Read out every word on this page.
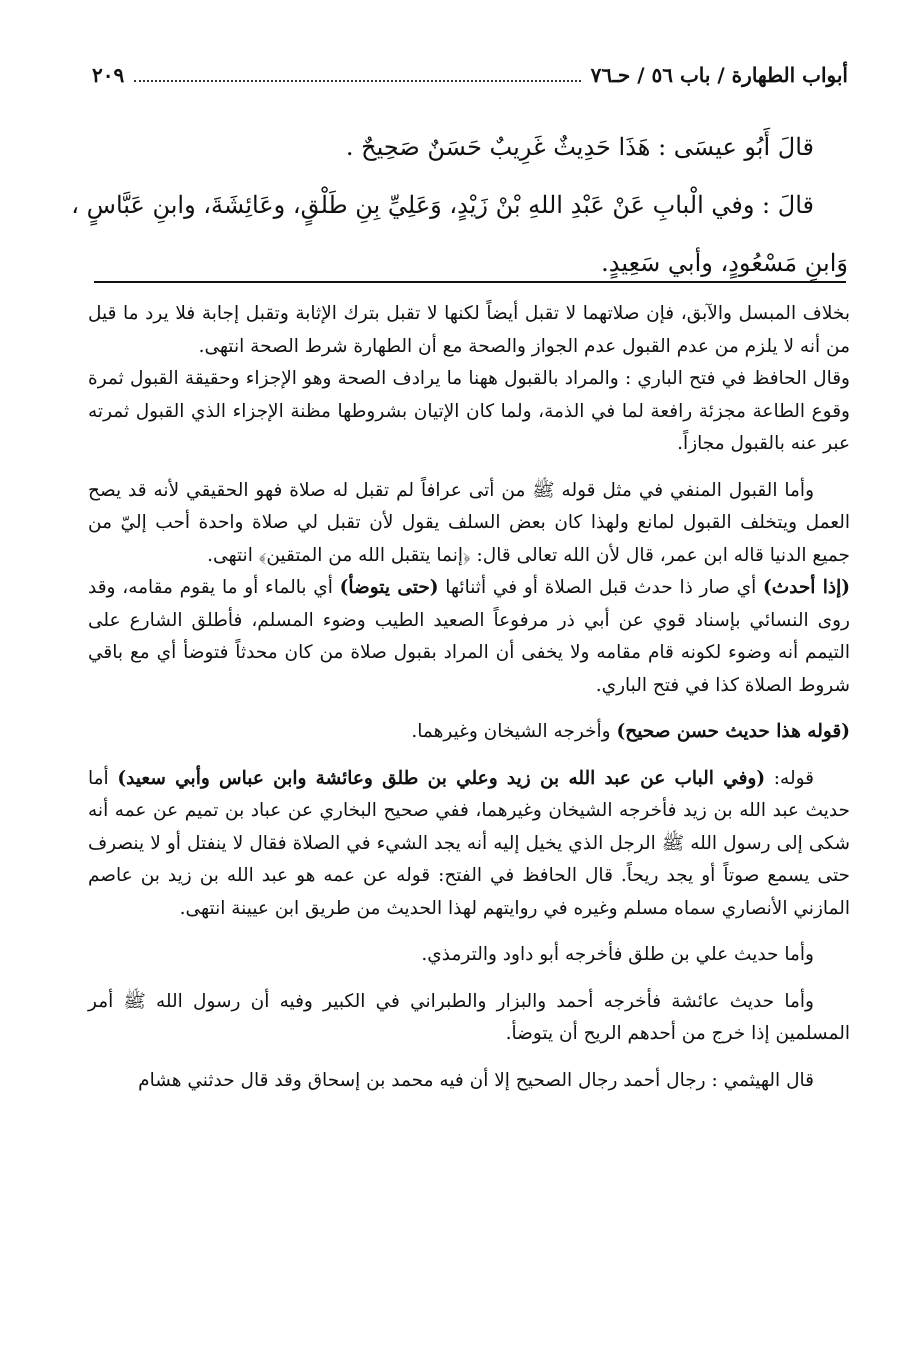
أبواب الطهارة / باب ٥٦ / حـ٧٦
٢٠٩

قالَ أَبُو عيسَى : هَذَا حَدِيثٌ غَرِيبٌ حَسَنٌ صَحِيحٌ .

قالَ : وفي الْبابِ عَنْ عَبْدِ اللهِ بْنْ زَيْدٍ، وَعَلِيِّ بِنِ طَلْقٍ، وعَائِشَةَ، وابنِ عَبَّاسٍ ،

وَابنِ مَسْعُودٍ، وأبي سَعِيدٍ.

بخلاف المبسل والآبق، فإن صلاتهما لا تقبل أيضاً لكنها لا تقبل بترك الإثابة وتقبل إجابة فلا يرد ما قيل من أنه لا يلزم من عدم القبول عدم الجواز والصحة مع أن الطهارة شرط الصحة انتهى.

وقال الحافظ في فتح الباري : والمراد بالقبول ههنا ما يرادف الصحة وهو الإجزاء وحقيقة القبول ثمرة وقوع الطاعة مجزئة رافعة لما في الذمة، ولما كان الإتيان بشروطها مظنة الإجزاء الذي القبول ثمرته عبر عنه بالقبول مجازاً.

وأما القبول المنفي في مثل قوله ﷺ من أتى عرافاً لم تقبل له صلاة فهو الحقيقي لأنه قد يصح العمل ويتخلف القبول لمانع ولهذا كان بعض السلف يقول لأن تقبل لي صلاة واحدة أحب إليّ من جميع الدنيا قاله ابن عمر، قال لأن الله تعالى قال: ﴿إنما يتقبل الله من المتقين﴾ انتهى.

(إذا أحدث) أي صار ذا حدث قبل الصلاة أو في أثنائها (حتى يتوضأ) أي بالماء أو ما يقوم مقامه، وقد روى النسائي بإسناد قوي عن أبي ذر مرفوعاً الصعيد الطيب وضوء المسلم، فأطلق الشارع على التيمم أنه وضوء لكونه قام مقامه ولا يخفى أن المراد بقبول صلاة من كان محدثاً فتوضأ أي مع باقي شروط الصلاة كذا في فتح الباري.

(قوله هذا حديث حسن صحيح) وأخرجه الشيخان وغيرهما.

قوله: (وفي الباب عن عبد الله بن زيد وعلي بن طلق وعائشة وابن عباس وأبي سعيد) أما حديث عبد الله بن زيد فأخرجه الشيخان وغيرهما، ففي صحيح البخاري عن عباد بن تميم عن عمه أنه شكى إلى رسول الله ﷺ الرجل الذي يخيل إليه أنه يجد الشيء في الصلاة فقال لا ينفتل أو لا ينصرف حتى يسمع صوتاً أو يجد ريحاً. قال الحافظ في الفتح: قوله عن عمه هو عبد الله بن زيد بن عاصم المازني الأنصاري سماه مسلم وغيره في روايتهم لهذا الحديث من طريق ابن عيينة انتهى.

وأما حديث علي بن طلق فأخرجه أبو داود والترمذي.

وأما حديث عائشة فأخرجه أحمد والبزار والطبراني في الكبير وفيه أن رسول الله ﷺ أمر المسلمين إذا خرج من أحدهم الريح أن يتوضأ.

قال الهيثمي : رجال أحمد رجال الصحيح إلا أن فيه محمد بن إسحاق وقد قال حدثني هشام
